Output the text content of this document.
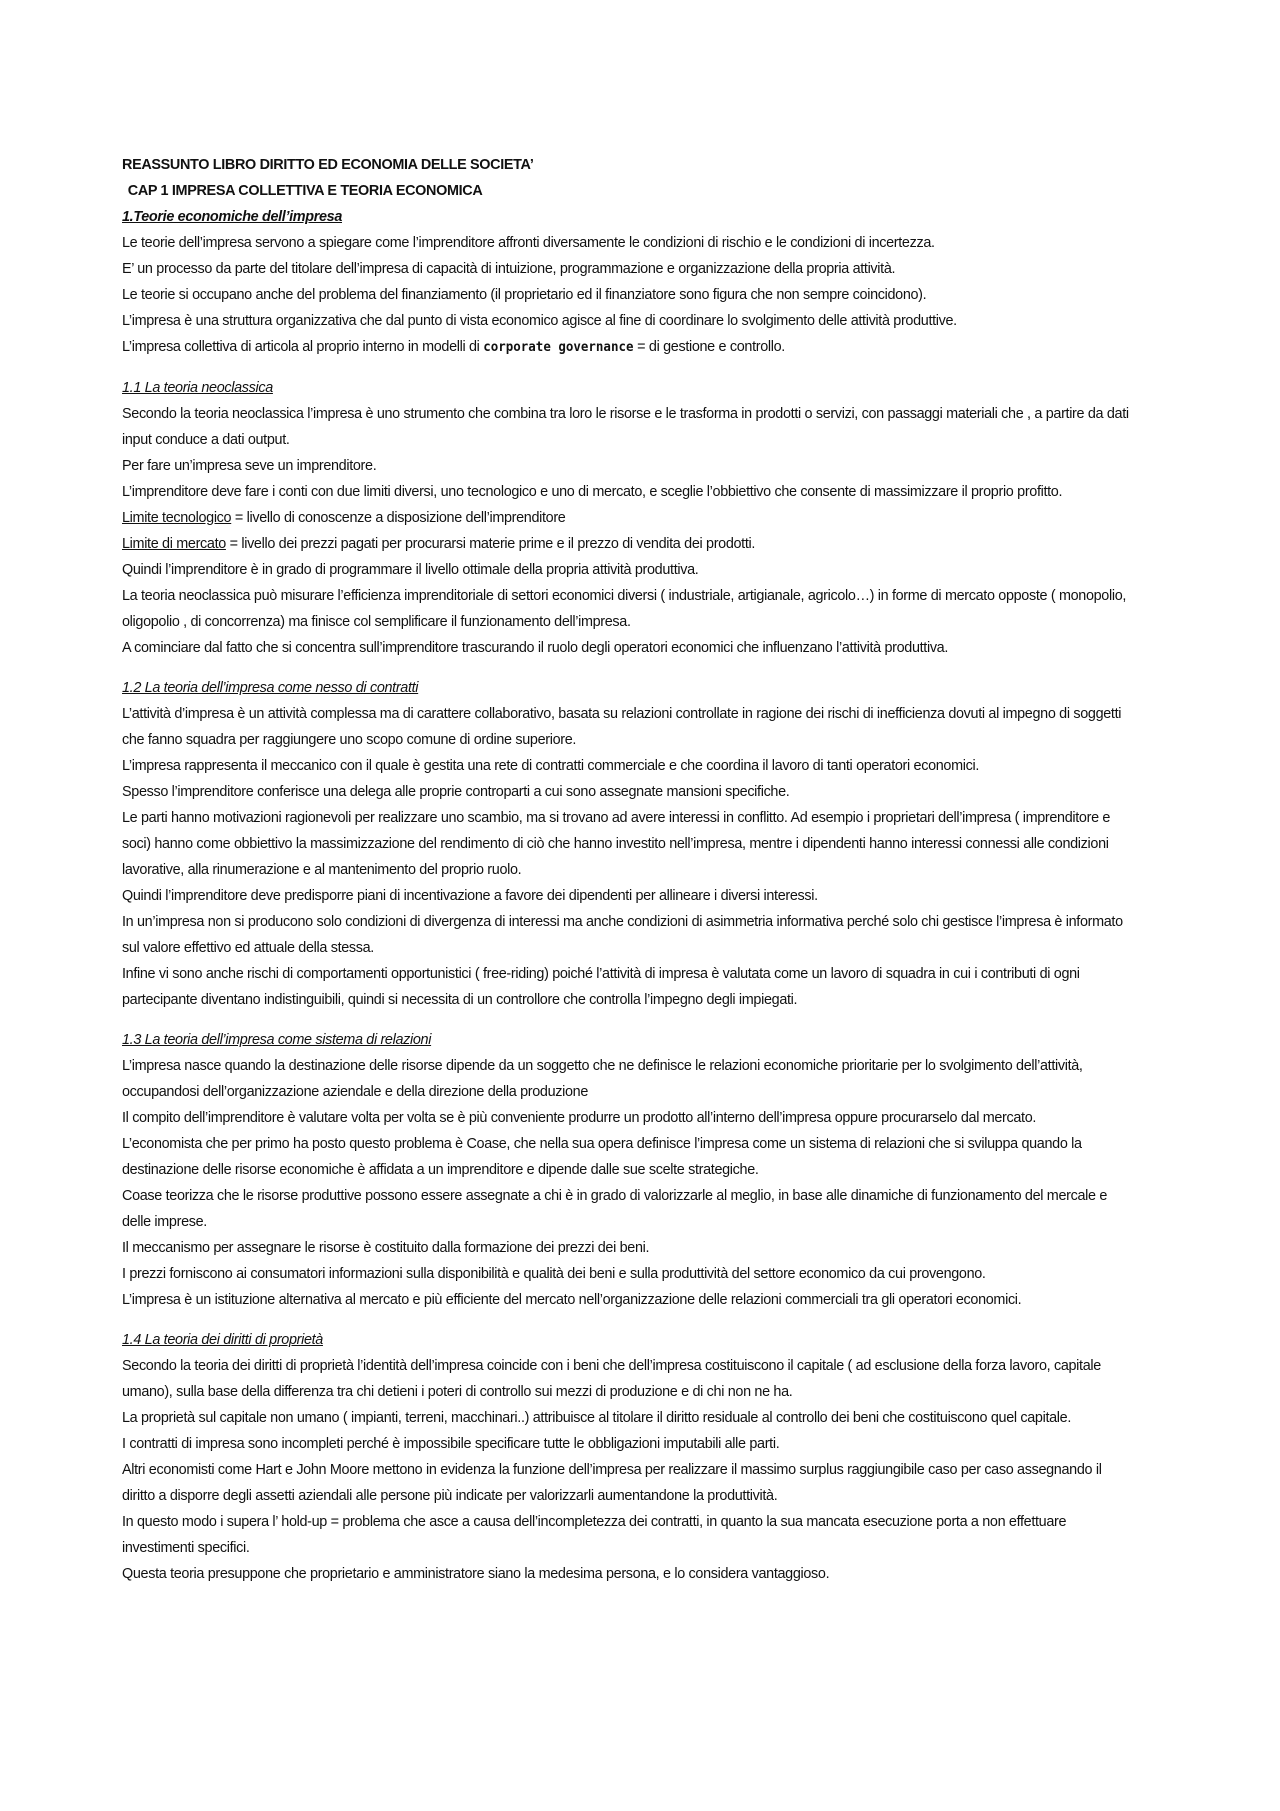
REASSUNTO LIBRO DIRITTO ED ECONOMIA DELLE SOCIETA’
CAP 1 IMPRESA COLLETTIVA E TEORIA ECONOMICA
1.Teorie economiche dell’impresa

Le teorie dell’impresa servono a spiegare come l’imprenditore affronti diversamente le condizioni di rischio e le condizioni di incertezza.

E’ un processo da parte del titolare dell’impresa di capacità di intuizione, programmazione e organizzazione della propria attività.

Le teorie si occupano anche del problema del finanziamento (il proprietario ed il finanziatore sono figura che non sempre coincidono).

L’impresa è una struttura organizzativa che dal punto di vista economico agisce al fine di coordinare lo svolgimento delle attività produttive.

L’impresa collettiva di articola al proprio interno in modelli di corporate governance = di gestione e controllo.

1.1 La teoria neoclassica

Secondo la teoria neoclassica l’impresa è uno strumento che combina tra loro le risorse e le trasforma in prodotti o servizi, con passaggi materiali che , a partire da dati input conduce a dati output.

Per fare un’impresa seve un imprenditore.

L’imprenditore deve fare i conti con due limiti diversi, uno tecnologico e uno di mercato, e sceglie l’obbiettivo che consente di massimizzare il proprio profitto.

Limite tecnologico = livello di conoscenze a disposizione dell’imprenditore

Limite di mercato = livello dei prezzi pagati per procurarsi materie prime e il prezzo di vendita dei prodotti.

Quindi l’imprenditore è in grado di programmare il livello ottimale della propria attività produttiva.

La teoria neoclassica può misurare l’efficienza imprenditoriale di settori economici diversi ( industriale, artigianale, agricolo…) in forme di mercato opposte ( monopolio, oligopolio , di concorrenza) ma finisce col semplificare il funzionamento dell’impresa.

A cominciare dal fatto che si concentra sull’imprenditore trascurando il ruolo degli operatori economici che influenzano l’attività produttiva.

1.2 La teoria dell’impresa come nesso di contratti

L’attività d’impresa è un attività complessa ma di carattere collaborativo, basata su relazioni controllate in ragione dei rischi di inefficienza dovuti al impegno di soggetti che fanno squadra per raggiungere uno scopo comune di ordine superiore.

L’impresa rappresenta il meccanico con il quale è gestita una rete di contratti commerciale e che coordina il lavoro di tanti operatori economici.

Spesso l’imprenditore conferisce una delega alle proprie controparti a cui sono assegnate mansioni specifiche.

Le parti hanno motivazioni ragionevoli per realizzare uno scambio, ma si trovano ad avere interessi in conflitto. Ad esempio i proprietari dell’impresa ( imprenditore e soci) hanno come obbiettivo la massimizzazione del rendimento di ciò che hanno investito nell’impresa, mentre i dipendenti hanno interessi connessi alle condizioni lavorative, alla rinumerazione e al mantenimento del proprio ruolo.

Quindi l’imprenditore deve predisporre piani di incentivazione a favore dei dipendenti per allineare i diversi interessi.

In un’impresa non si producono solo condizioni di divergenza di interessi ma anche condizioni di asimmetria informativa perché solo chi gestisce l’impresa è informato sul valore effettivo ed attuale della stessa.

Infine vi sono anche rischi di comportamenti opportunistici ( free-riding) poiché l’attività di impresa è valutata come un lavoro di squadra in cui i contributi di ogni partecipante diventano indistinguibili, quindi si necessita di un controllore che controlla l’impegno degli impiegati.

1.3 La teoria dell’impresa come sistema di relazioni

L’impresa nasce quando la destinazione delle risorse dipende da un soggetto che ne definisce le relazioni economiche prioritarie per lo svolgimento dell’attività, occupandosi dell’organizzazione aziendale e della direzione della produzione

Il compito dell’imprenditore è valutare volta per volta se è più conveniente produrre un prodotto all’interno dell’impresa oppure procurarselo dal mercato.

L’economista che per primo ha posto questo problema è Coase, che nella sua opera definisce l’impresa come un sistema di relazioni che si sviluppa quando la destinazione delle risorse economiche è affidata a un imprenditore e dipende dalle sue scelte strategiche.

Coase teorizza che le risorse produttive possono essere assegnate a chi è in grado di valorizzarle al meglio, in base alle dinamiche di funzionamento del mercale e delle imprese.

Il meccanismo per assegnare le risorse è costituito dalla formazione dei prezzi dei beni.

I prezzi forniscono ai consumatori informazioni sulla disponibilità e qualità dei beni e sulla produttività del settore economico da cui provengono.

L’impresa è un istituzione alternativa al mercato e più efficiente del mercato nell’organizzazione delle relazioni commerciali tra gli operatori economici.

1.4 La teoria dei diritti di proprietà

Secondo la teoria dei diritti di proprietà l’identità dell’impresa coincide con i beni che dell’impresa costituiscono il capitale ( ad esclusione della forza lavoro, capitale umano), sulla base della differenza tra chi detieni i poteri di controllo sui mezzi di produzione e di chi non ne ha.

La proprietà sul capitale non umano ( impianti, terreni, macchinari..) attribuisce al titolare il diritto residuale al controllo dei beni che costituiscono quel capitale.

I contratti di impresa sono incompleti perché è impossibile specificare tutte le obbligazioni imputabili alle parti.

Altri economisti come Hart e John Moore mettono in evidenza la funzione dell’impresa per realizzare il massimo surplus raggiungibile caso per caso assegnando il diritto a disporre degli assetti aziendali alle persone più indicate per valorizzarli aumentandone la produttività.

In questo modo i supera l’ hold-up = problema che asce a causa dell’incompletezza dei contratti, in quanto la sua mancata esecuzione porta a non effettuare investimenti specifici.

Questa teoria presuppone che proprietario e amministratore siano la medesima persona, e lo considera vantaggioso.
